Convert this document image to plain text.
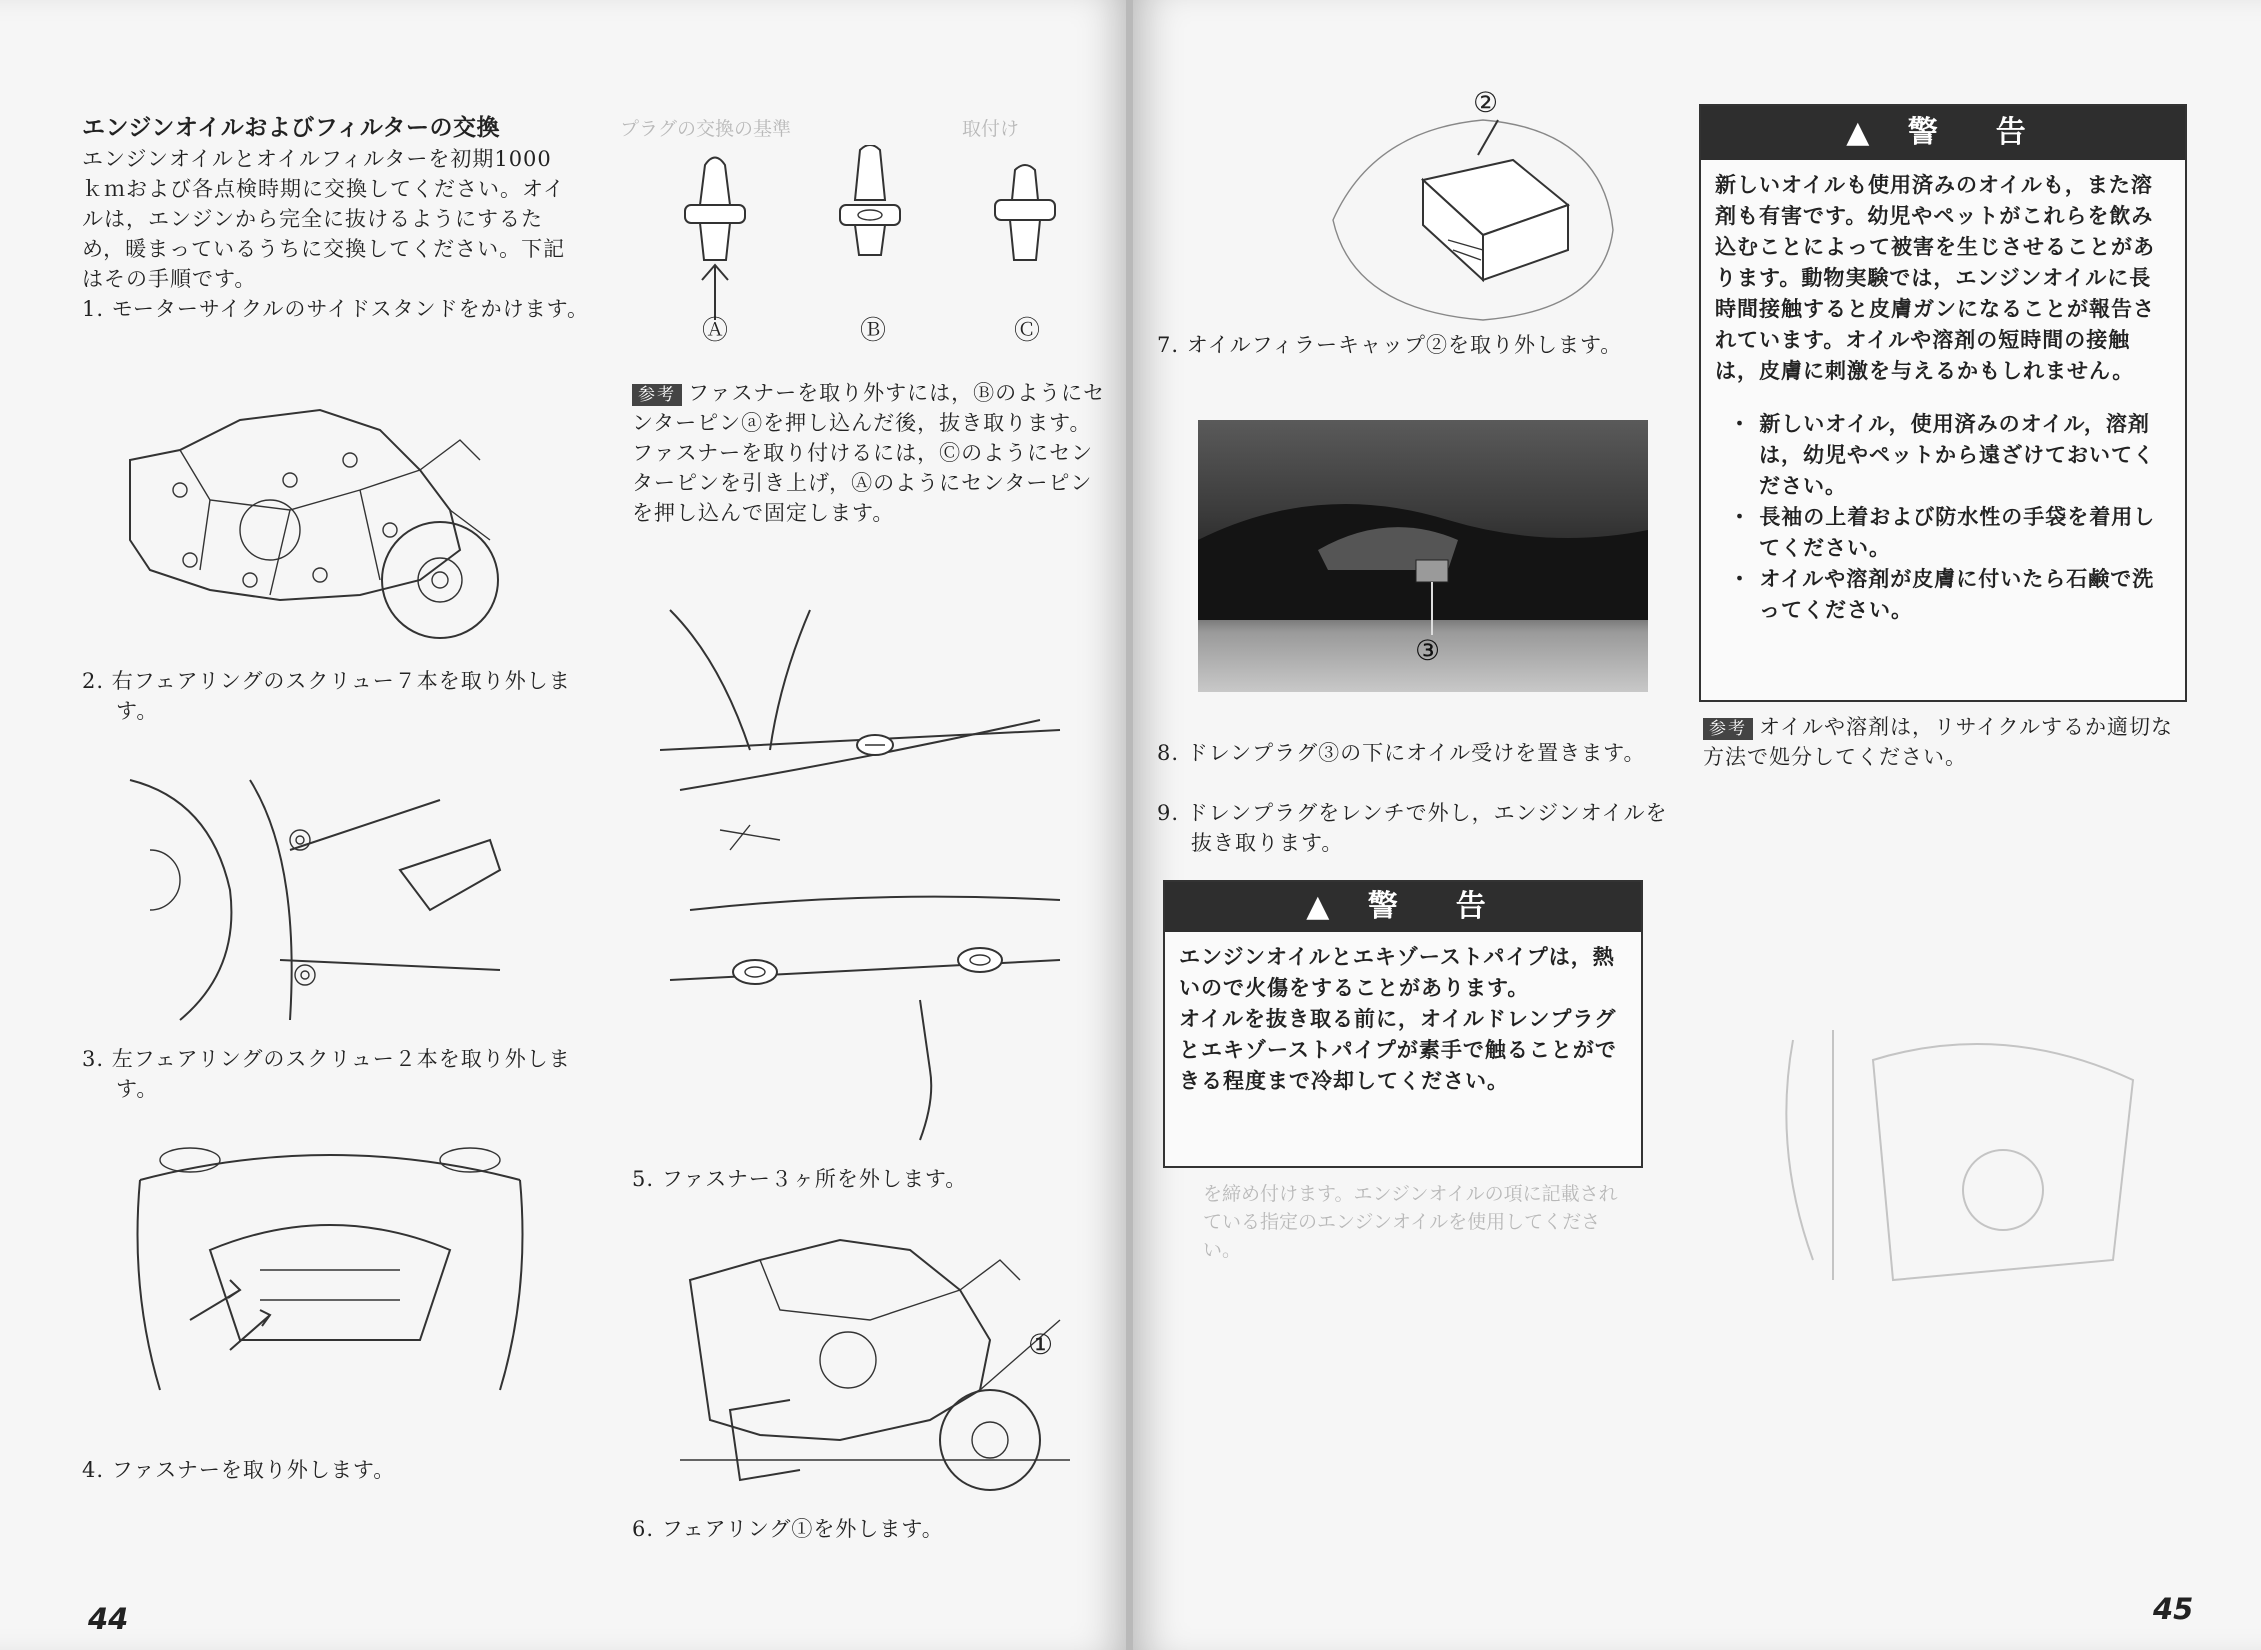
プラグの交換の基準　　　　　　　　　取付け
エンジンオイルおよびフィルターの交換
エンジンオイルとオイルフィルターを初期1000ｋｍおよび各点検時期に交換してください。オイルは，エンジンから完全に抜けるようにするため，暖まっているうちに交換してください。下記はその手順です。
1. モーターサイクルのサイドスタンドをかけます。
2. 右フェアリングのスクリュー７本を取り外します。
3. 左フェアリングのスクリュー２本を取り外します。
4. ファスナーを取り外します。
Ⓐ	Ⓑ	Ⓒ
参考 ファスナーを取り外すには，Ⓑのようにセンターピンⓐを押し込んだ後，抜き取ります。ファスナーを取り付けるには，Ⓒのようにセンターピンを引き上げ，Ⓐのようにセンターピンを押し込んで固定します。
5. ファスナー３ヶ所を外します。
①
6. フェアリング①を外します。
44
②
7. オイルフィラーキャップ②を取り外します。
③
8. ドレンプラグ③の下にオイル受けを置きます。
9. ドレンプラグをレンチで外し，エンジンオイルを抜き取ります。
▲ 警　告
エンジンオイルとエキゾーストパイプは，熱いので火傷をすることがあります。
オイルを抜き取る前に，オイルドレンプラグとエキゾーストパイプが素手で触ることができる程度まで冷却してください。
を締め付けます。エンジンオイルの項に記載されている指定のエンジンオイルを使用してください。
▲ 警　告
新しいオイルも使用済みのオイルも，また溶剤も有害です。幼児やペットがこれらを飲み込むことによって被害を生じさせることがあります。動物実験では，エンジンオイルに長時間接触すると皮膚ガンになることが報告されています。オイルや溶剤の短時間の接触は，皮膚に刺激を与えるかもしれません。
・ 新しいオイル，使用済みのオイル，溶剤は，幼児やペットから遠ざけておいてください。
・ 長袖の上着および防水性の手袋を着用してください。
・ オイルや溶剤が皮膚に付いたら石鹸で洗ってください。
参考 オイルや溶剤は，リサイクルするか適切な方法で処分してください。
45
